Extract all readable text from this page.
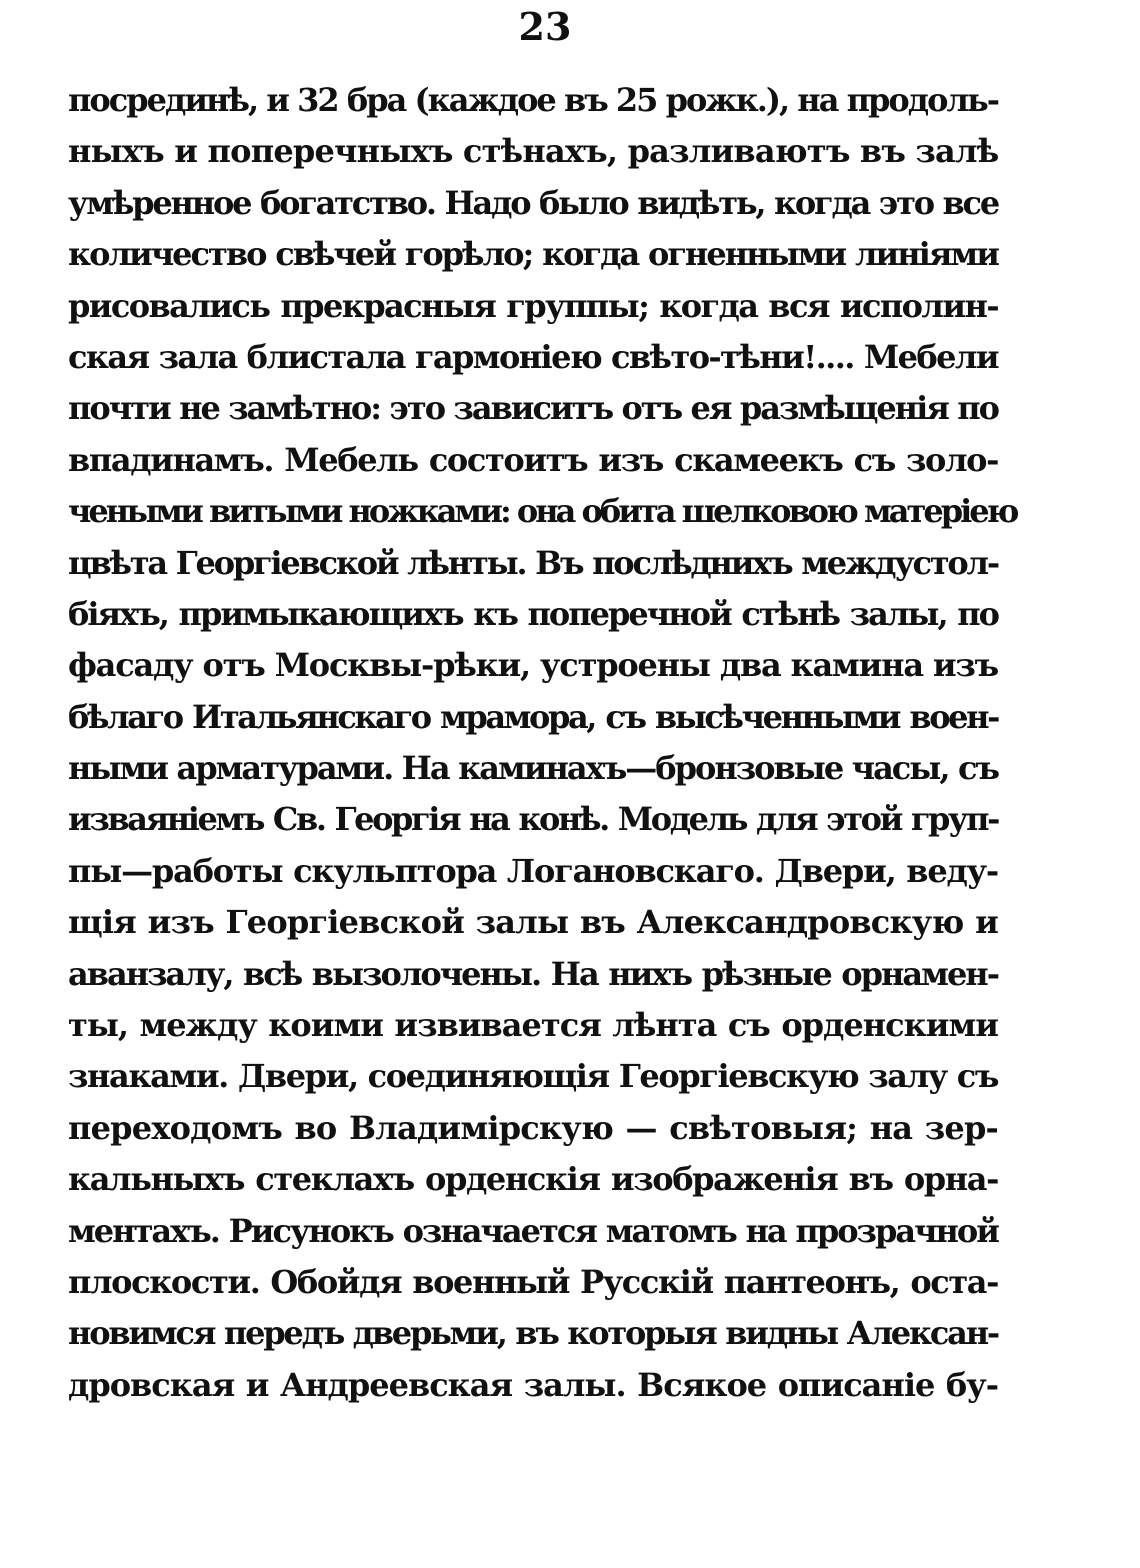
23
посрединѣ, и 32 бра (каждое въ 25 рожк.), на продоль-
ныхъ и поперечныхъ стѣнахъ, разливаютъ въ залѣ
умѣренное богатство. Надо было видѣть, когда это все
количество свѣчей горѣло; когда огненными линіями
рисовались прекрасныя группы; когда вся исполин-
ская зала блистала гармоніею свѣто-тѣни!.... Мебели
почти не замѣтно: это зависитъ отъ ея размѣщенія по
впадинамъ. Мебель состоитъ изъ скамеекъ съ золо-
чеными витыми ножками: она обита шелковою матеріею
цвѣта Георгіевской лѣнты. Въ послѣднихъ междустол-
біяхъ, примыкающихъ къ поперечной стѣнѣ залы, по
фасаду отъ Москвы-рѣки, устроены два камина изъ
бѣлаго Итальянскаго мрамора, съ высѣченными воен-
ными арматурами. На каминахъ—бронзовые часы, съ
изваяніемъ Св. Георгія на конѣ. Модель для этой груп-
пы—работы скульптора Логановскаго. Двери, веду-
щія изъ Георгіевской залы въ Александровскую и
аванзалу, всѣ вызолочены. На нихъ рѣзные орнамен-
ты, между коими извивается лѣнта съ орденскими
знаками. Двери, соединяющія Георгіевскую залу съ
переходомъ во Владимірскую — свѣтовыя; на зер-
кальныхъ стеклахъ орденскія изображенія въ орна-
ментахъ. Рисунокъ означается матомъ на прозрачной
плоскости. Обойдя военный Русскій пантеонъ, оста-
новимся передъ дверьми, въ которыя видны Алексан-
дровская и Андреевская залы. Всякое описаніе бу-
